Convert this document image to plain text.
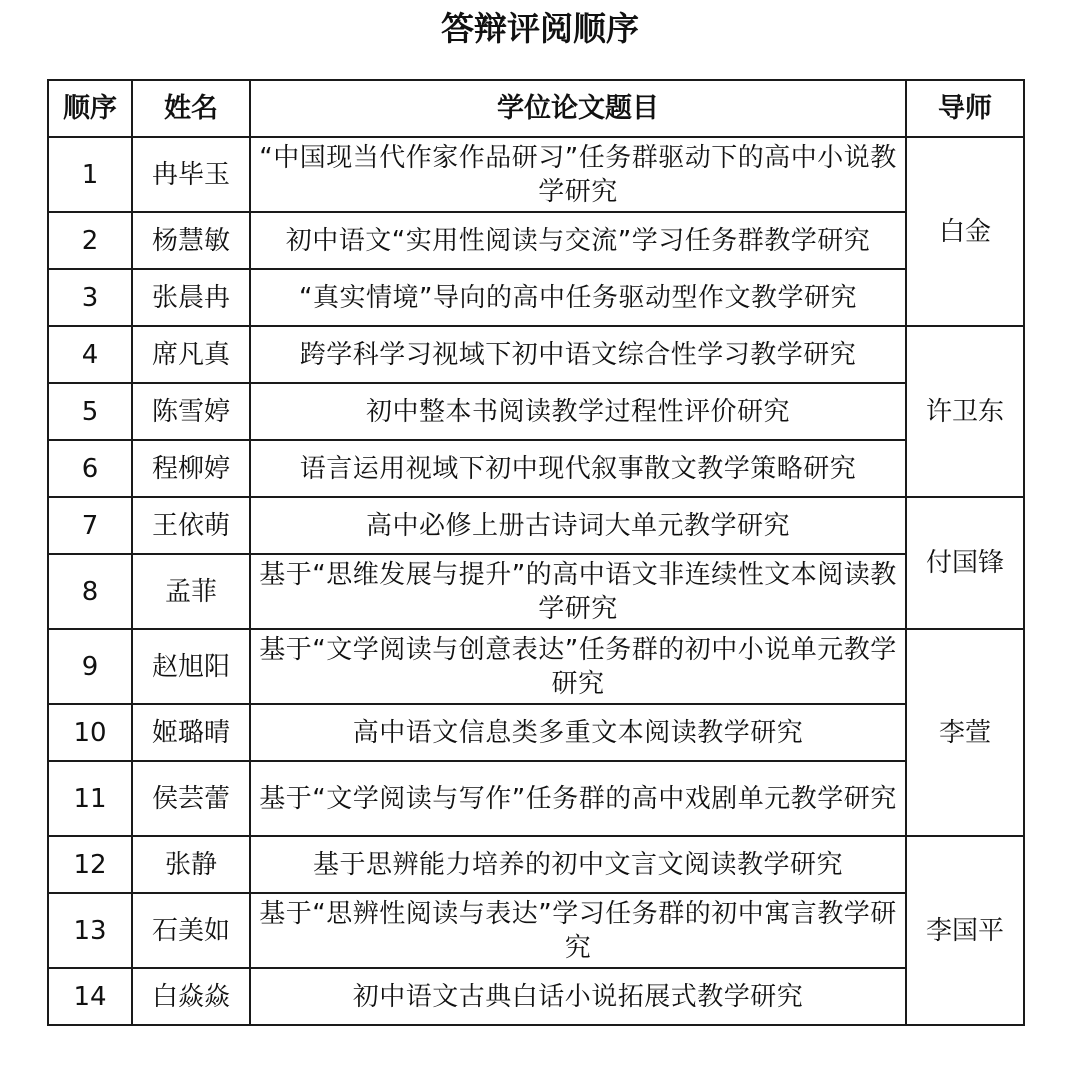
答辩评阅顺序
顺序	姓名	学位论文题目	导师
1	冉毕玉	“中国现当代作家作品研习”任务群驱动下的高中小说教学研究	白金
2	杨慧敏	初中语文“实用性阅读与交流”学习任务群教学研究	
3	张晨冉	“真实情境”导向的高中任务驱动型作文教学研究	
4	席凡真	跨学科学习视域下初中语文综合性学习教学研究	许卫东
5	陈雪婷	初中整本书阅读教学过程性评价研究	
6	程柳婷	语言运用视域下初中现代叙事散文教学策略研究	
7	王依萌	高中必修上册古诗词大单元教学研究	付国锋
8	孟菲	基于“思维发展与提升”的高中语文非连续性文本阅读教学研究	
9	赵旭阳	基于“文学阅读与创意表达”任务群的初中小说单元教学研究	李萱
10	姬璐晴	高中语文信息类多重文本阅读教学研究	
11	侯芸蕾	基于“文学阅读与写作”任务群的高中戏剧单元教学研究	
12	张静	基于思辨能力培养的初中文言文阅读教学研究	李国平
13	石美如	基于“思辨性阅读与表达”学习任务群的初中寓言教学研究	
14	白焱焱	初中语文古典白话小说拓展式教学研究	
